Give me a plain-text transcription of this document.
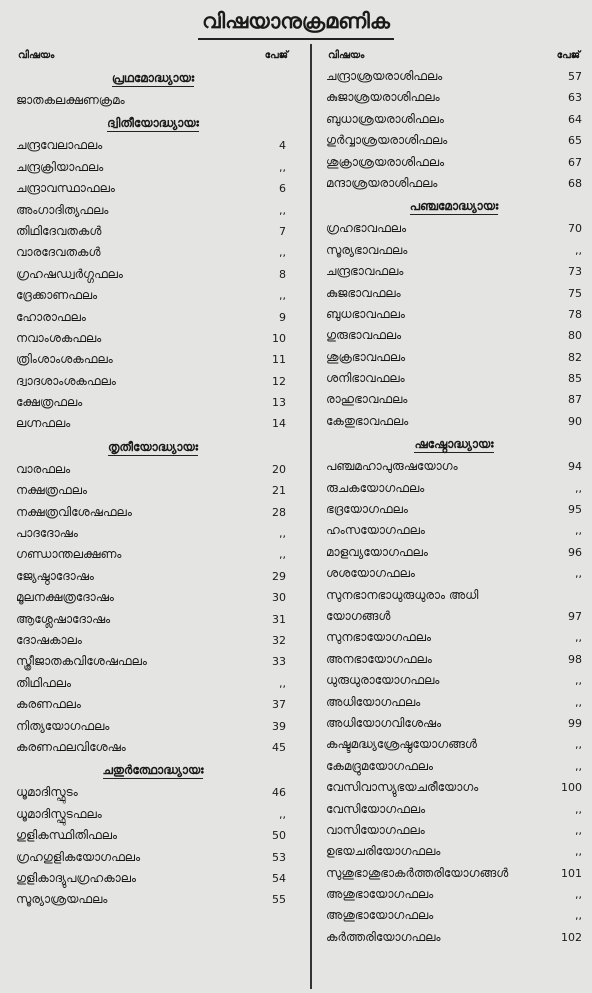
വിഷയാനുക്രമണിക
വിഷയം	പേജ്
പ്രഥമോദ്ധ്യായഃ
ജാതകലക്ഷണക്രമം
ദ്വിതീയോദ്ധ്യായഃ
ചന്ദ്രവേലാഫലം	4
ചന്ദ്രക്രിയാഫലം	,,
ചന്ദ്രാവസ്ഥാഫലം	6
അംഗാദിത്യഫലം	,,
തിഥിദേവതകൾ	7
വാരദേവതകൾ	,,
ഗ്രഹഷഡ്വർഗ്ഗഫലം	8
ദ്രേക്കാണഫലം	,,
ഹോരാഫലം	9
നവാംശകഫലം	10
ത്രിംശാംശകഫലം	11
ദ്വാദശാംശകഫലം	12
ക്ഷേത്രഫലം	13
ലഗ്നഫലം	14
തൃതീയോദ്ധ്യായഃ
വാരഫലം	20
നക്ഷത്രഫലം	21
നക്ഷത്രവിശേഷഫലം	28
പാദദോഷം	,,
ഗണ്ഡാന്തലക്ഷണം	,,
ജ്യേഷ്ഠാദോഷം	29
മൂലനക്ഷത്രദോഷം	30
ആശ്ലേഷാദോഷം	31
ദോഷകാലം	32
സ്ത്രീജാതകവിശേഷഫലം	33
തിഥിഫലം	,,
കരണഫലം	37
നിത്യയോഗഫലം	39
കരണഫലവിശേഷം	45
ചതുർത്ഥോദ്ധ്യായഃ
ധൂമാദിസ്ഫുടം	46
ധൂമാദിസ്ഫുടഫലം	,,
ഗുളികസ്ഥിതിഫലം	50
ഗ്രഹഗുളികയോഗഫലം	53
ഗുളികാദ്യുപഗ്രഹകാലം	54
സൂര്യാശ്രയഫലം	55
വിഷയം	പേജ്
ചന്ദ്രാശ്രയരാശിഫലം	57
കുജാശ്രയരാശിഫലം	63
ബുധാശ്രയരാശിഫലം	64
ഗുർവ്വാശ്രയരാശിഫലം	65
ശുക്രാശ്രയരാശിഫലം	67
മന്ദാശ്രയരാശിഫലം	68
പഞ്ചമോദ്ധ്യായഃ
ഗ്രഹഭാവഫലം	70
സൂര്യഭാവഫലം	,,
ചന്ദ്രഭാവഫലം	73
കുജഭാവഫലം	75
ബുധഭാവഫലം	78
ഗുരുഭാവഫലം	80
ശുക്രഭാവഫലം	82
ശനിഭാവഫലം	85
രാഹുഭാവഫലം	87
കേതുഭാവഫലം	90
ഷഷ്ഠോദ്ധ്യായഃ
പഞ്ചമഹാപുരുഷയോഗം	94
രുചകയോഗഫലം	,,
ഭദ്രയോഗഫലം	95
ഹംസയോഗഫലം	,,
മാളവ്യയോഗഫലം	96
ശശയോഗഫലം	,,
സുനഭാനഭാധുരുധുരാം അധി
യോഗങ്ങൾ	97
സുനഭായോഗഫലം	,,
അനഭായോഗഫലം	98
ധുരുധുരായോഗഫലം	,,
അധിയോഗഫലം	,,
അധിയോഗവിശേഷം	99
കഷ്ടമദ്ധ്യശ്രേഷ്ഠയോഗങ്ങൾ	,,
കേമദ്രുമയോഗഫലം	,,
വേസിവാസ്യുഭയചരീയോഗം	100
വേസിയോഗഫലം	,,
വാസിയോഗഫലം	,,
ഉഭയചരിയോഗഫലം	,,
സുശുഭാശുഭാകർത്തരിയോഗങ്ങൾ	101
അശുഭായോഗഫലം	,,
അശുഭായോഗഫലം	,,
കർത്തരിയോഗഫലം	102
